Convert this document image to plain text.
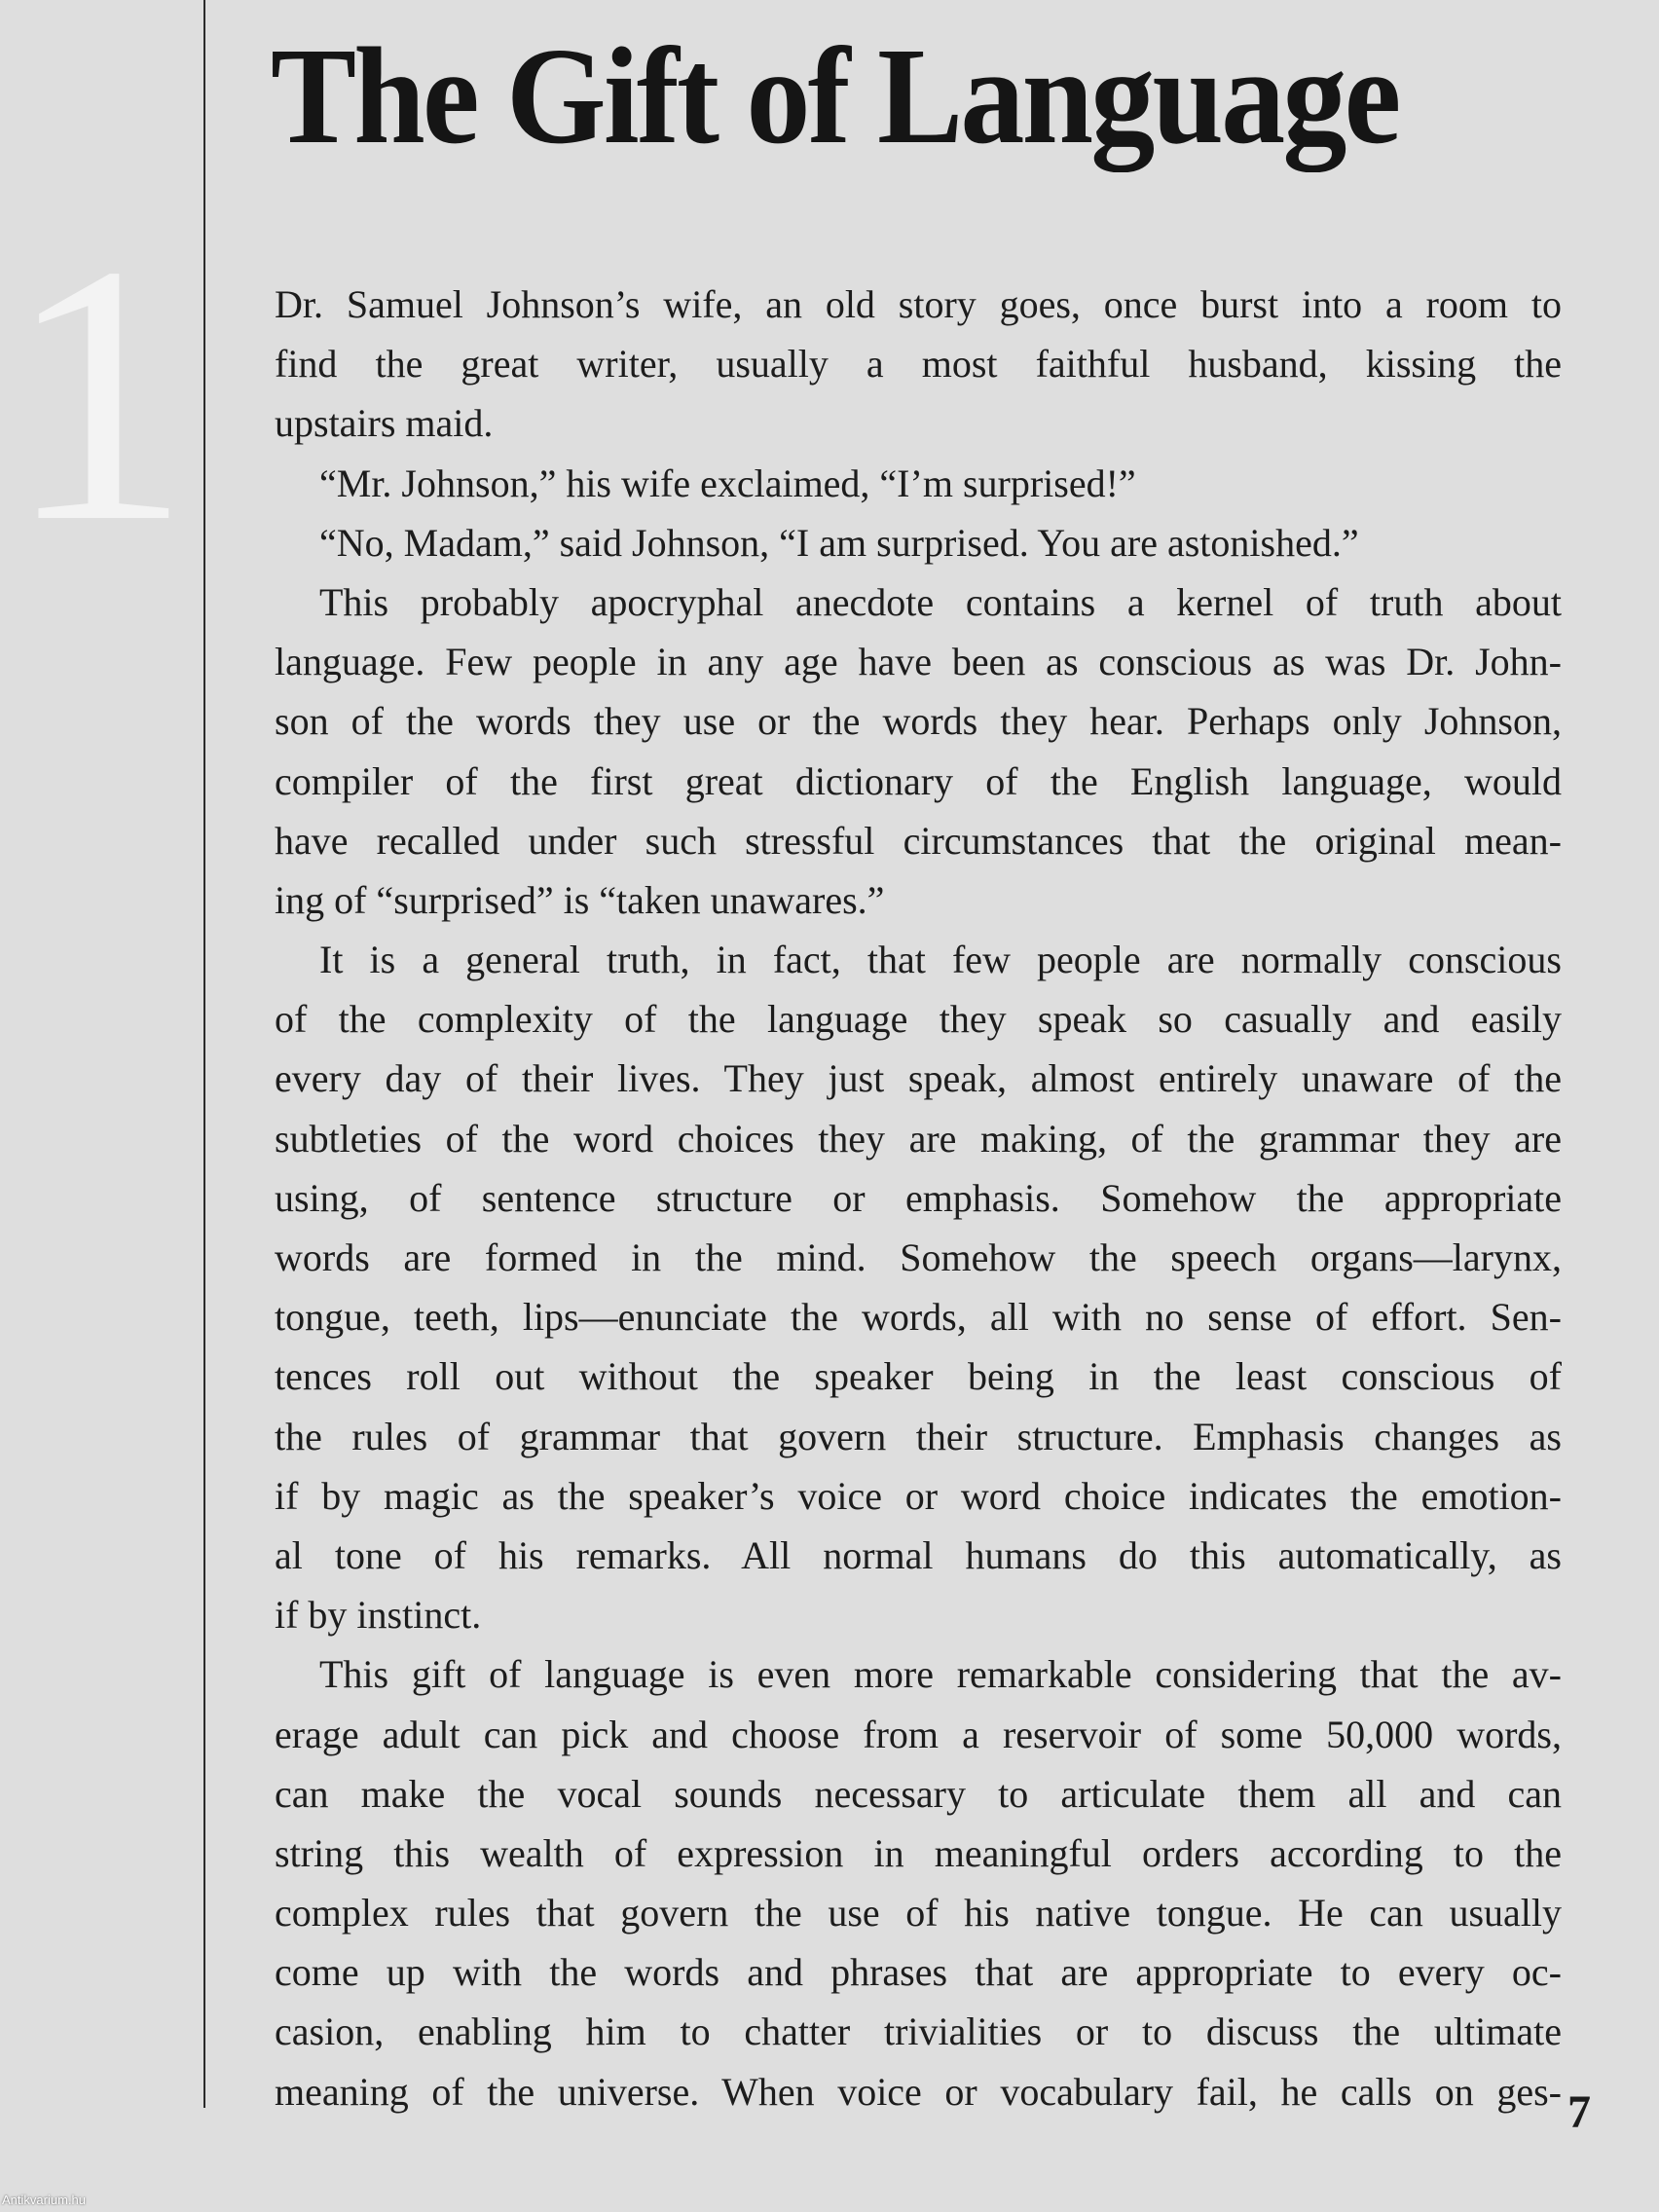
1
The Gift of Language
Dr. Samuel Johnson’s wife, an old story goes, once burst into a room to
find the great writer, usually a most faithful husband, kissing the
upstairs maid.
“Mr. Johnson,” his wife exclaimed, “I’m surprised!”
“No, Madam,” said Johnson, “I am surprised. You are astonished.”
This probably apocryphal anecdote contains a kernel of truth about
language. Few people in any age have been as conscious as was Dr. John-
son of the words they use or the words they hear. Perhaps only Johnson,
compiler of the first great dictionary of the English language, would
have recalled under such stressful circumstances that the original mean-
ing of “surprised” is “taken unawares.”
It is a general truth, in fact, that few people are normally conscious
of the complexity of the language they speak so casually and easily
every day of their lives. They just speak, almost entirely unaware of the
subtleties of the word choices they are making, of the grammar they are
using, of sentence structure or emphasis. Somehow the appropriate
words are formed in the mind. Somehow the speech organs—larynx,
tongue, teeth, lips—enunciate the words, all with no sense of effort. Sen-
tences roll out without the speaker being in the least conscious of
the rules of grammar that govern their structure. Emphasis changes as
if by magic as the speaker’s voice or word choice indicates the emotion-
al tone of his remarks. All normal humans do this automatically, as
if by instinct.
This gift of language is even more remarkable considering that the av-
erage adult can pick and choose from a reservoir of some 50,000 words,
can make the vocal sounds necessary to articulate them all and can
string this wealth of expression in meaningful orders according to the
complex rules that govern the use of his native tongue. He can usually
come up with the words and phrases that are appropriate to every oc-
casion, enabling him to chatter trivialities or to discuss the ultimate
meaning of the universe. When voice or vocabulary fail, he calls on ges- 7
Antikvarium.hu
